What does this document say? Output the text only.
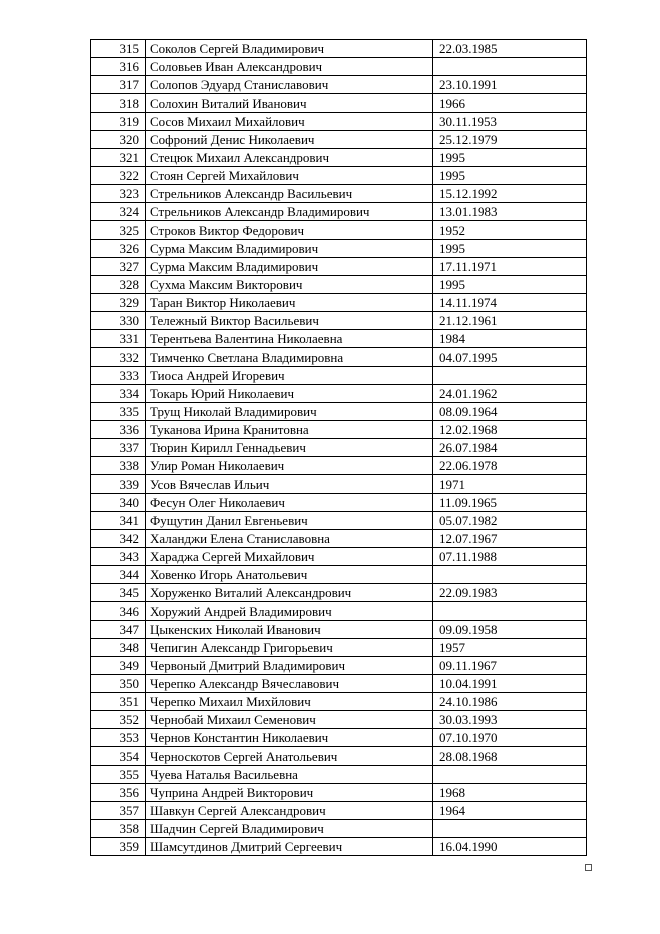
315	Соколов Сергей Владимирович	22.03.1985
316	Соловьев Иван Александрович	
317	Солопов Эдуард Станиславович	23.10.1991
318	Солохин Виталий Иванович	1966
319	Сосов Михаил Михайлович	30.11.1953
320	Софроний Денис Николаевич	25.12.1979
321	Стецюк Михаил Александрович	1995
322	Стоян Сергей Михайлович	1995
323	Стрельников Александр Васильевич	15.12.1992
324	Стрельников Александр Владимирович	13.01.1983
325	Строков Виктор Федорович	1952
326	Сурма Максим Владимирович	1995
327	Сурма Максим Владимирович	17.11.1971
328	Сухма Максим Викторович	1995
329	Таран Виктор Николаевич	14.11.1974
330	Тележный Виктор Васильевич	21.12.1961
331	Терентьева Валентина Николаевна	1984
332	Тимченко Светлана Владимировна	04.07.1995
333	Тиоса Андрей Игоревич	
334	Токарь Юрий Николаевич	24.01.1962
335	Трущ Николай Владимирович	08.09.1964
336	Туканова Ирина Кранитовна	12.02.1968
337	Тюрин Кирилл Геннадьевич	26.07.1984
338	Улир Роман Николаевич	22.06.1978
339	Усов Вячеслав Ильич	1971
340	Фесун Олег Николаевич	11.09.1965
341	Фущутин Данил Евгеньевич	05.07.1982
342	Халанджи Елена Станиславовна	12.07.1967
343	Хараджа Сергей Михайлович	07.11.1988
344	Ховенко Игорь Анатольевич	
345	Хоруженко Виталий Александрович	22.09.1983
346	Хоружий Андрей Владимирович	
347	Цыкенских Николай Иванович	09.09.1958
348	Чепигин Александр Григорьевич	1957
349	Червоный Дмитрий Владимирович	09.11.1967
350	Черепко Александр Вячеславович	10.04.1991
351	Черепко Михаил Михйлович	24.10.1986
352	Чернобай Михаил Семенович	30.03.1993
353	Чернов Константин Николаевич	07.10.1970
354	Черноскотов Сергей Анатольевич	28.08.1968
355	Чуева Наталья Васильевна	
356	Чуприна Андрей Викторович	1968
357	Шавкун Сергей Александрович	1964
358	Шадчин Сергей Владимирович	
359	Шамсутдинов Дмитрий Сергеевич	16.04.1990
